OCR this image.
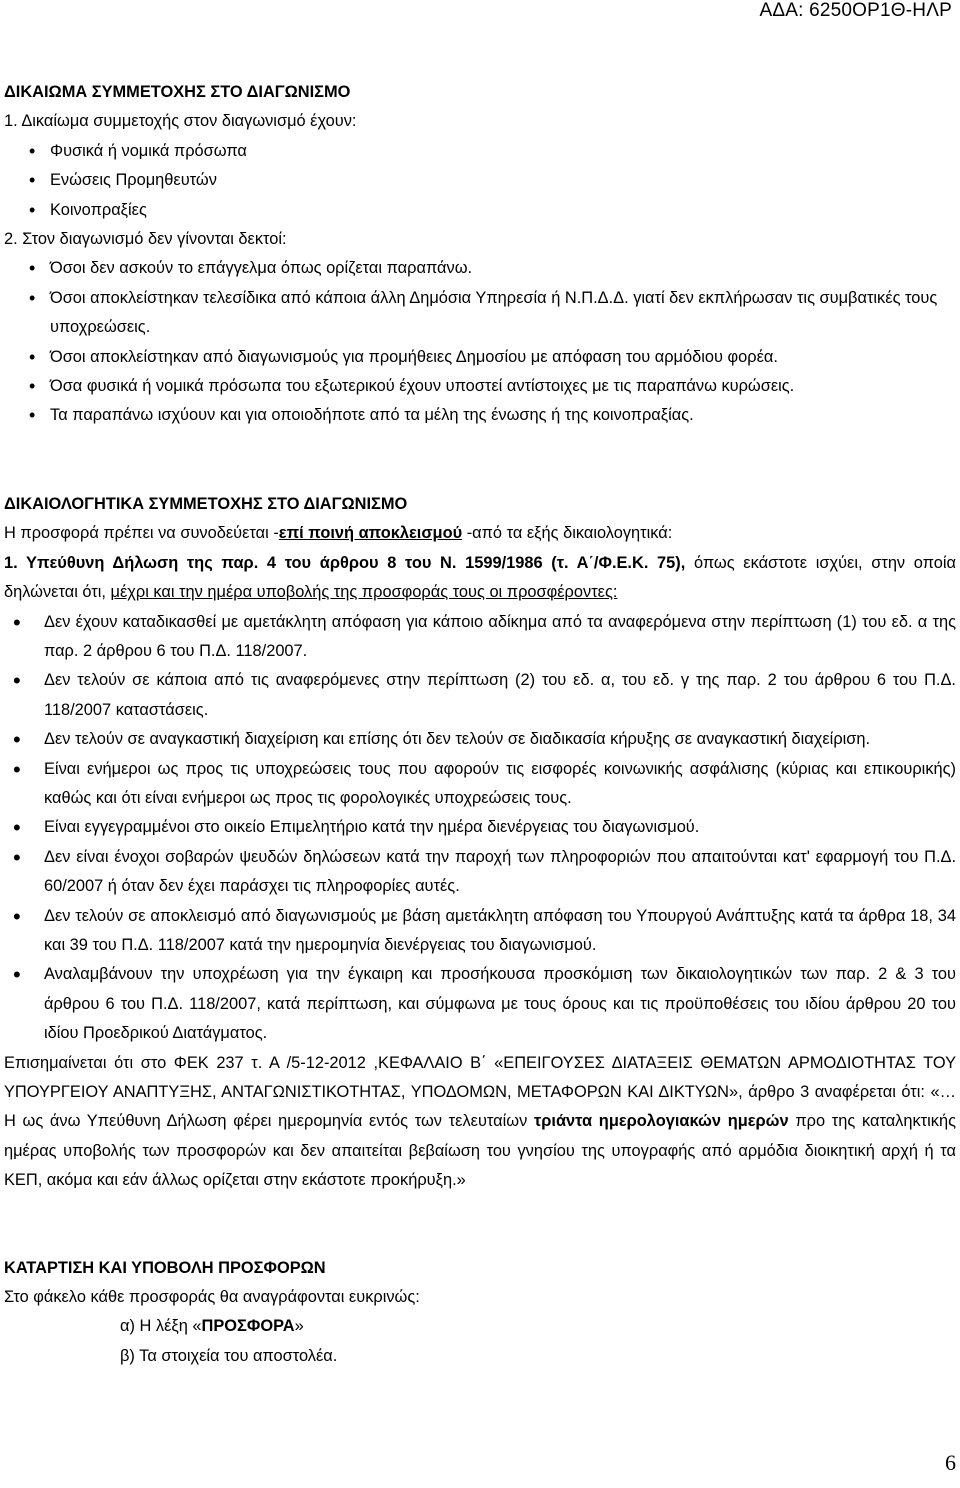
ΑΔΑ: 6250ΟΡ1Θ-ΗΛΡ
ΔΙΚΑΙΩΜΑ ΣΥΜΜΕΤΟΧΗΣ ΣΤΟ ΔΙΑΓΩΝΙΣΜΟ
1. Δικαίωμα συμμετοχής στον διαγωνισμό έχουν:
• Φυσικά ή νομικά πρόσωπα
• Ενώσεις Προμηθευτών
• Κοινοπραξίες
2. Στον διαγωνισμό δεν γίνονται δεκτοί:
• Όσοι δεν ασκούν το επάγγελμα όπως ορίζεται παραπάνω.
• Όσοι αποκλείστηκαν τελεσίδικα από κάποια άλλη Δημόσια Υπηρεσία ή Ν.Π.Δ.Δ. γιατί δεν εκπλήρωσαν τις συμβατικές τους υποχρεώσεις.
• Όσοι αποκλείστηκαν από διαγωνισμούς για προμήθειες Δημοσίου με απόφαση του αρμόδιου φορέα.
• Όσα φυσικά ή νομικά πρόσωπα του εξωτερικού έχουν υποστεί αντίστοιχες με τις παραπάνω κυρώσεις.
• Τα παραπάνω ισχύουν και για οποιοδήποτε από τα μέλη της ένωσης ή της κοινοπραξίας.
ΔΙΚΑΙΟΛΟΓΗΤΙΚΑ ΣΥΜΜΕΤΟΧΗΣ ΣΤΟ ΔΙΑΓΩΝΙΣΜΟ
Η προσφορά πρέπει να συνοδεύεται -επί ποινή αποκλεισμού -από τα εξής δικαιολογητικά:
1. Υπεύθυνη Δήλωση της παρ. 4 του άρθρου 8 του Ν. 1599/1986 (τ. Α΄/Φ.Ε.Κ. 75), όπως εκάστοτε ισχύει, στην οποία δηλώνεται ότι, μέχρι και την ημέρα υποβολής της προσφοράς τους οι προσφέροντες:
• Δεν έχουν καταδικασθεί με αμετάκλητη απόφαση για κάποιο αδίκημα από τα αναφερόμενα στην περίπτωση (1) του εδ. α της παρ. 2 άρθρου 6 του Π.Δ. 118/2007.
• Δεν τελούν σε κάποια από τις αναφερόμενες στην περίπτωση (2) του εδ. α, του εδ. γ της παρ. 2 του άρθρου 6 του Π.Δ. 118/2007 καταστάσεις.
• Δεν τελούν σε αναγκαστική διαχείριση και επίσης ότι δεν τελούν σε διαδικασία κήρυξης σε αναγκαστική διαχείριση.
• Είναι ενήμεροι ως προς τις υποχρεώσεις τους που αφορούν τις εισφορές κοινωνικής ασφάλισης (κύριας και επικουρικής) καθώς και ότι είναι ενήμεροι ως προς τις φορολογικές υποχρεώσεις τους.
• Είναι εγγεγραμμένοι στο οικείο Επιμελητήριο κατά την ημέρα διενέργειας του διαγωνισμού.
• Δεν είναι ένοχοι σοβαρών ψευδών δηλώσεων κατά την παροχή των πληροφοριών που απαιτούνται κατ' εφαρμογή του Π.Δ. 60/2007 ή όταν δεν έχει παράσχει τις πληροφορίες αυτές.
• Δεν τελούν σε αποκλεισμό από διαγωνισμούς με βάση αμετάκλητη απόφαση του Υπουργού Ανάπτυξης κατά τα άρθρα 18, 34 και 39 του Π.Δ. 118/2007 κατά την ημερομηνία διενέργειας του διαγωνισμού.
• Αναλαμβάνουν την υποχρέωση για την έγκαιρη και προσήκουσα προσκόμιση των δικαιολογητικών των παρ. 2 & 3 του άρθρου 6 του Π.Δ. 118/2007, κατά περίπτωση, και σύμφωνα με τους όρους και τις προϋποθέσεις του ιδίου άρθρου 20 του ιδίου Προεδρικού Διατάγματος.
Επισημαίνεται ότι στο ΦΕΚ 237 τ. Α /5-12-2012 ,ΚΕΦΑΛΑΙΟ Β΄ «ΕΠΕΙΓΟΥΣΕΣ ΔΙΑΤΑΞΕΙΣ ΘΕΜΑΤΩΝ ΑΡΜΟΔΙΟΤΗΤΑΣ ΤΟΥ ΥΠΟΥΡΓΕΙΟΥ ΑΝΑΠΤΥΞΗΣ, ΑΝΤΑΓΩΝΙΣΤΙΚΟΤΗΤΑΣ, ΥΠΟΔΟΜΩΝ, ΜΕΤΑΦΟΡΩΝ ΚΑΙ ΔΙΚΤΥΩΝ», άρθρο 3 αναφέρεται ότι: «…Η ως άνω Υπεύθυνη Δήλωση φέρει ημερομηνία εντός των τελευταίων τριάντα ημερολογιακών ημερών προ της καταληκτικής ημέρας υποβολής των προσφορών και δεν απαιτείται βεβαίωση του γνησίου της υπογραφής από αρμόδια διοικητική αρχή ή τα ΚΕΠ, ακόμα και εάν άλλως ορίζεται στην εκάστοτε προκήρυξη.»
ΚΑΤΑΡΤΙΣΗ ΚΑΙ ΥΠΟΒΟΛΗ ΠΡΟΣΦΟΡΩΝ
Στο φάκελο κάθε προσφοράς θα αναγράφονται ευκρινώς:
α) Η λέξη «ΠΡΟΣΦΟΡΑ»
β) Τα στοιχεία του αποστολέα.
6
